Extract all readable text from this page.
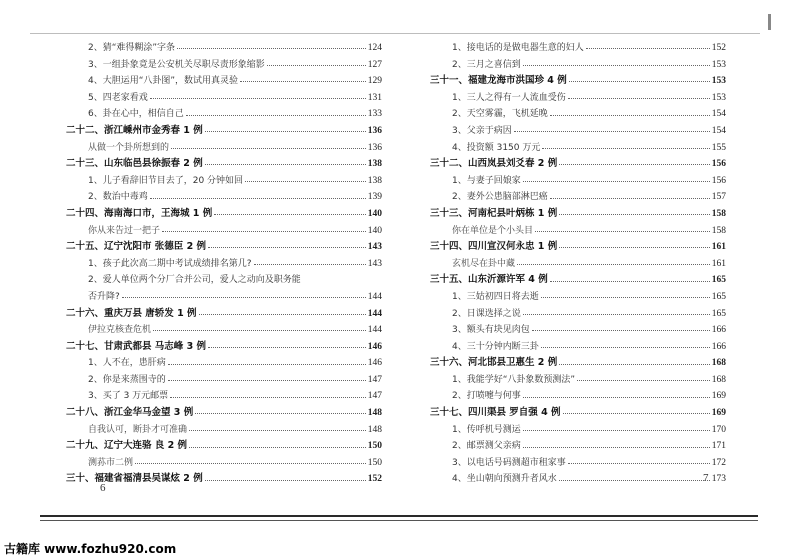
2、猜“难得糊涂”字条	124
3、一组卦象竟是公安机关尽职尽责形象缩影	127
4、大胆运用“八卦图”，数试用真灵验	129
5、四老家看戏	131
6、卦在心中，相信自己	133
二十二、浙江嵊州市金秀春 1 例	136
从做一个卦所想到的	136
二十三、山东临邑县徐振春 2 例	138
1、儿子看辞旧节目去了，20 分钟如回	138
2、数治中毒鸡	139
二十四、海南海口市，王海城 1 例	140
你从来告过一把子	140
二十五、辽宁沈阳市 张德臣 2 例	143
1、孩子此次高二期中考试成绩排名第几?	143
2、爱人单位两个分厂合并公司，爱人之动向及职务能
否升降?	144
二十六、重庆万县 唐轿发 1 例	144
伊拉克核查危机	144
二十七、甘肃武都县 马志峰 3 例	146
1、人不在，患肝病	146
2、你是来蒸围寺的	147
3、买了 3 万元邮票	147
二十八、浙江金华马金望 3 例	148
自我认可，断卦才可准确	148
二十九、辽宁大连骆 良 2 例	150
测荪市二例	150
三十、福建省福清县吴谋炫 2 例	152
1、接电话的是做电器生意的妇人	152
2、三月之喜信到	153
三十一、福建龙海市洪国珍 4 例	153
1、三人之得有一人流血受伤	153
2、天空雾霾，飞机延晚	154
3、父亲于病因	154
4、投资额 3150 万元	155
三十二、山西岚县刘爻春 2 例	156
1、与妻子回娘家	156
2、妻外公患脑部淋巴癌	157
三十三、河南杞县叶炳栋 1 例	158
你在单位是个小头目	158
三十四、四川宣汉何永忠 1 例	161
玄机尽在卦中藏	161
三十五、山东沂源许军 4 例	165
1、三姑初四日将去逝	165
2、日课选择之说	165
3、额头有块见肉包	166
4、三十分钟内断三卦	166
三十六、河北邯县卫惠生 2 例	168
1、我能学好“八卦象数预测法”	168
2、打喷嚏与何事	169
三十七、四川渠县 罗自强 4 例	169
1、传呼机号测运	170
2、邮票测父亲病	171
3、以电话号码测超市租家事	172
4、坐山朝向预测升者风水	173
6
7
古籍库 www.fozhu920.com
